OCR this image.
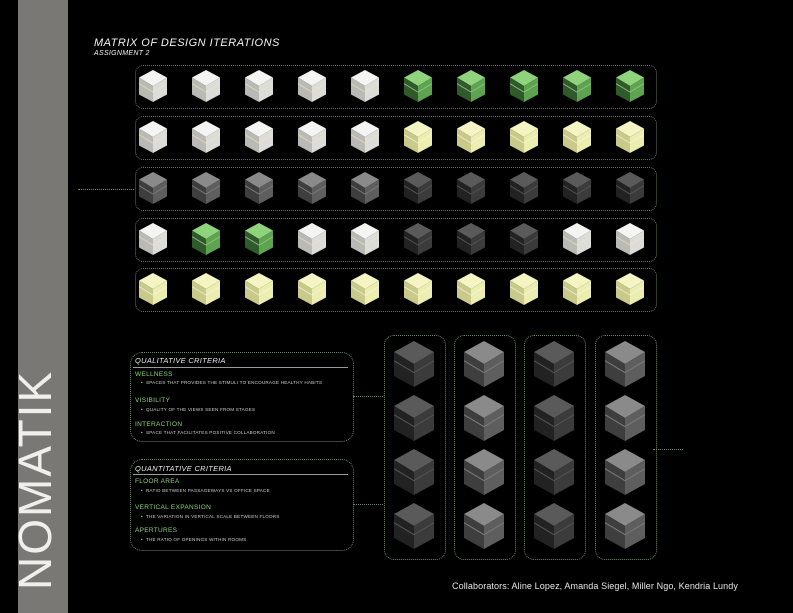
NOMATIK
MATRIX OF DESIGN ITERATIONS
ASSIGNMENT 2
QUALITATIVE CRITERIA
WELLNESS
• SPACES THAT PROVIDES THE STIMULI TO ENCOURAGE HEALTHY HABITS
VISIBILITY
• QUALITY OF THE VIEWS SEEN FROM STAGES
INTERACTION
• SPACE THAT FACILITATES POSITIVE COLLABORATION
QUANTITATIVE CRITERIA
FLOOR AREA
• RATIO BETWEEN PASSAGEWAYS VS OFFICE SPACE
VERTICAL EXPANSION
• THE VARIATION IN VERTICAL SCALE BETWEEN FLOORS
APERTURES
• THE RATIO OF OPENINGS WITHIN ROOMS
Collaborators: Aline Lopez, Amanda Siegel, Miller Ngo, Kendria Lundy
